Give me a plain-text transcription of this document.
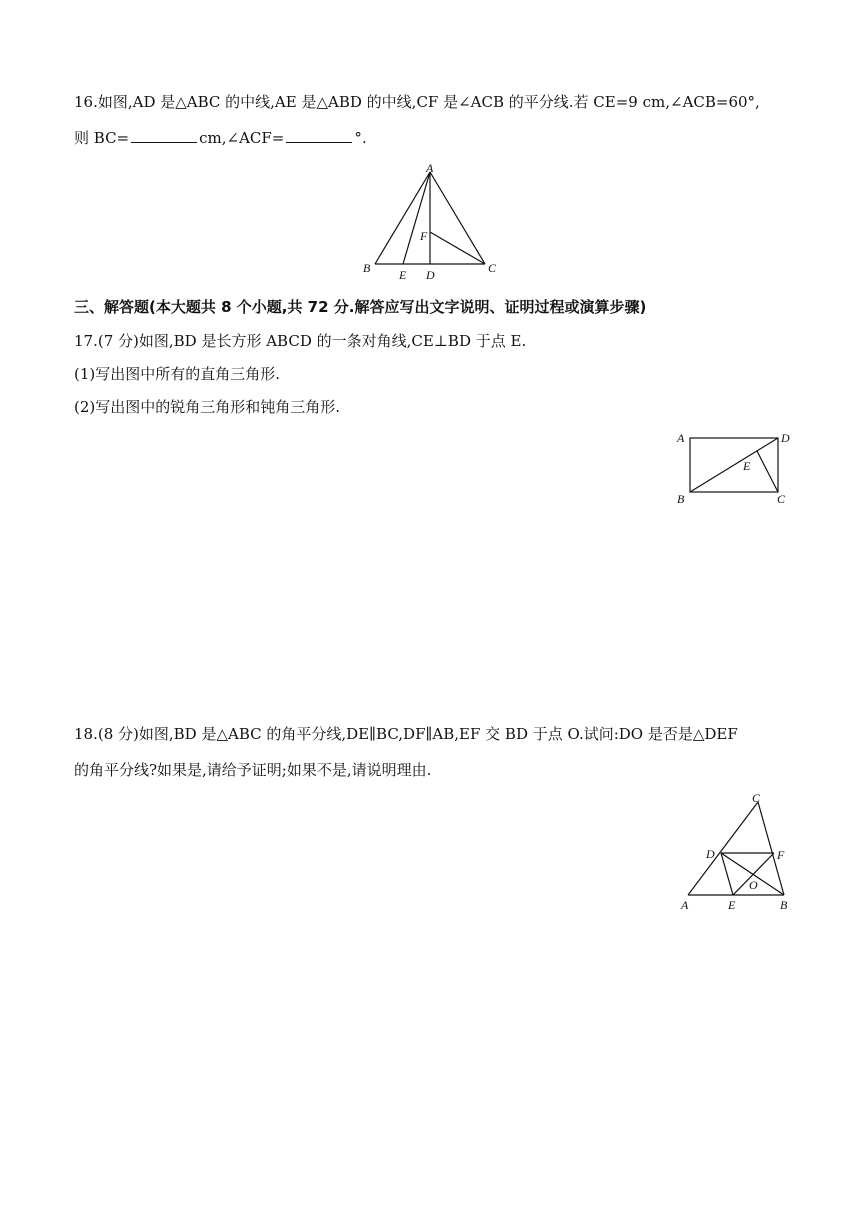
16.如图,AD 是△ABC 的中线,AE 是△ABD 的中线,CF 是∠ACB 的平分线.若 CE=9 cm,∠ACB=60°,
则 BC=	cm,∠ACF=	°.
A
B E D	C
F
三、解答题(本大题共 8 个小题,共 72 分.解答应写出文字说明、证明过程或演算步骤)
17.(7 分)如图,BD 是长方形 ABCD 的一条对角线,CE⊥BD 于点 E.
(1)写出图中所有的直角三角形.
(2)写出图中的锐角三角形和钝角三角形.
A	D
E
B	C
18.(8 分)如图,BD 是△ABC 的角平分线,DE∥BC,DF∥AB,EF 交 BD 于点 O.试问:DO 是否是△DEF
的角平分线?如果是,请给予证明;如果不是,请说明理由.
C
D	F
O
A	E	B
